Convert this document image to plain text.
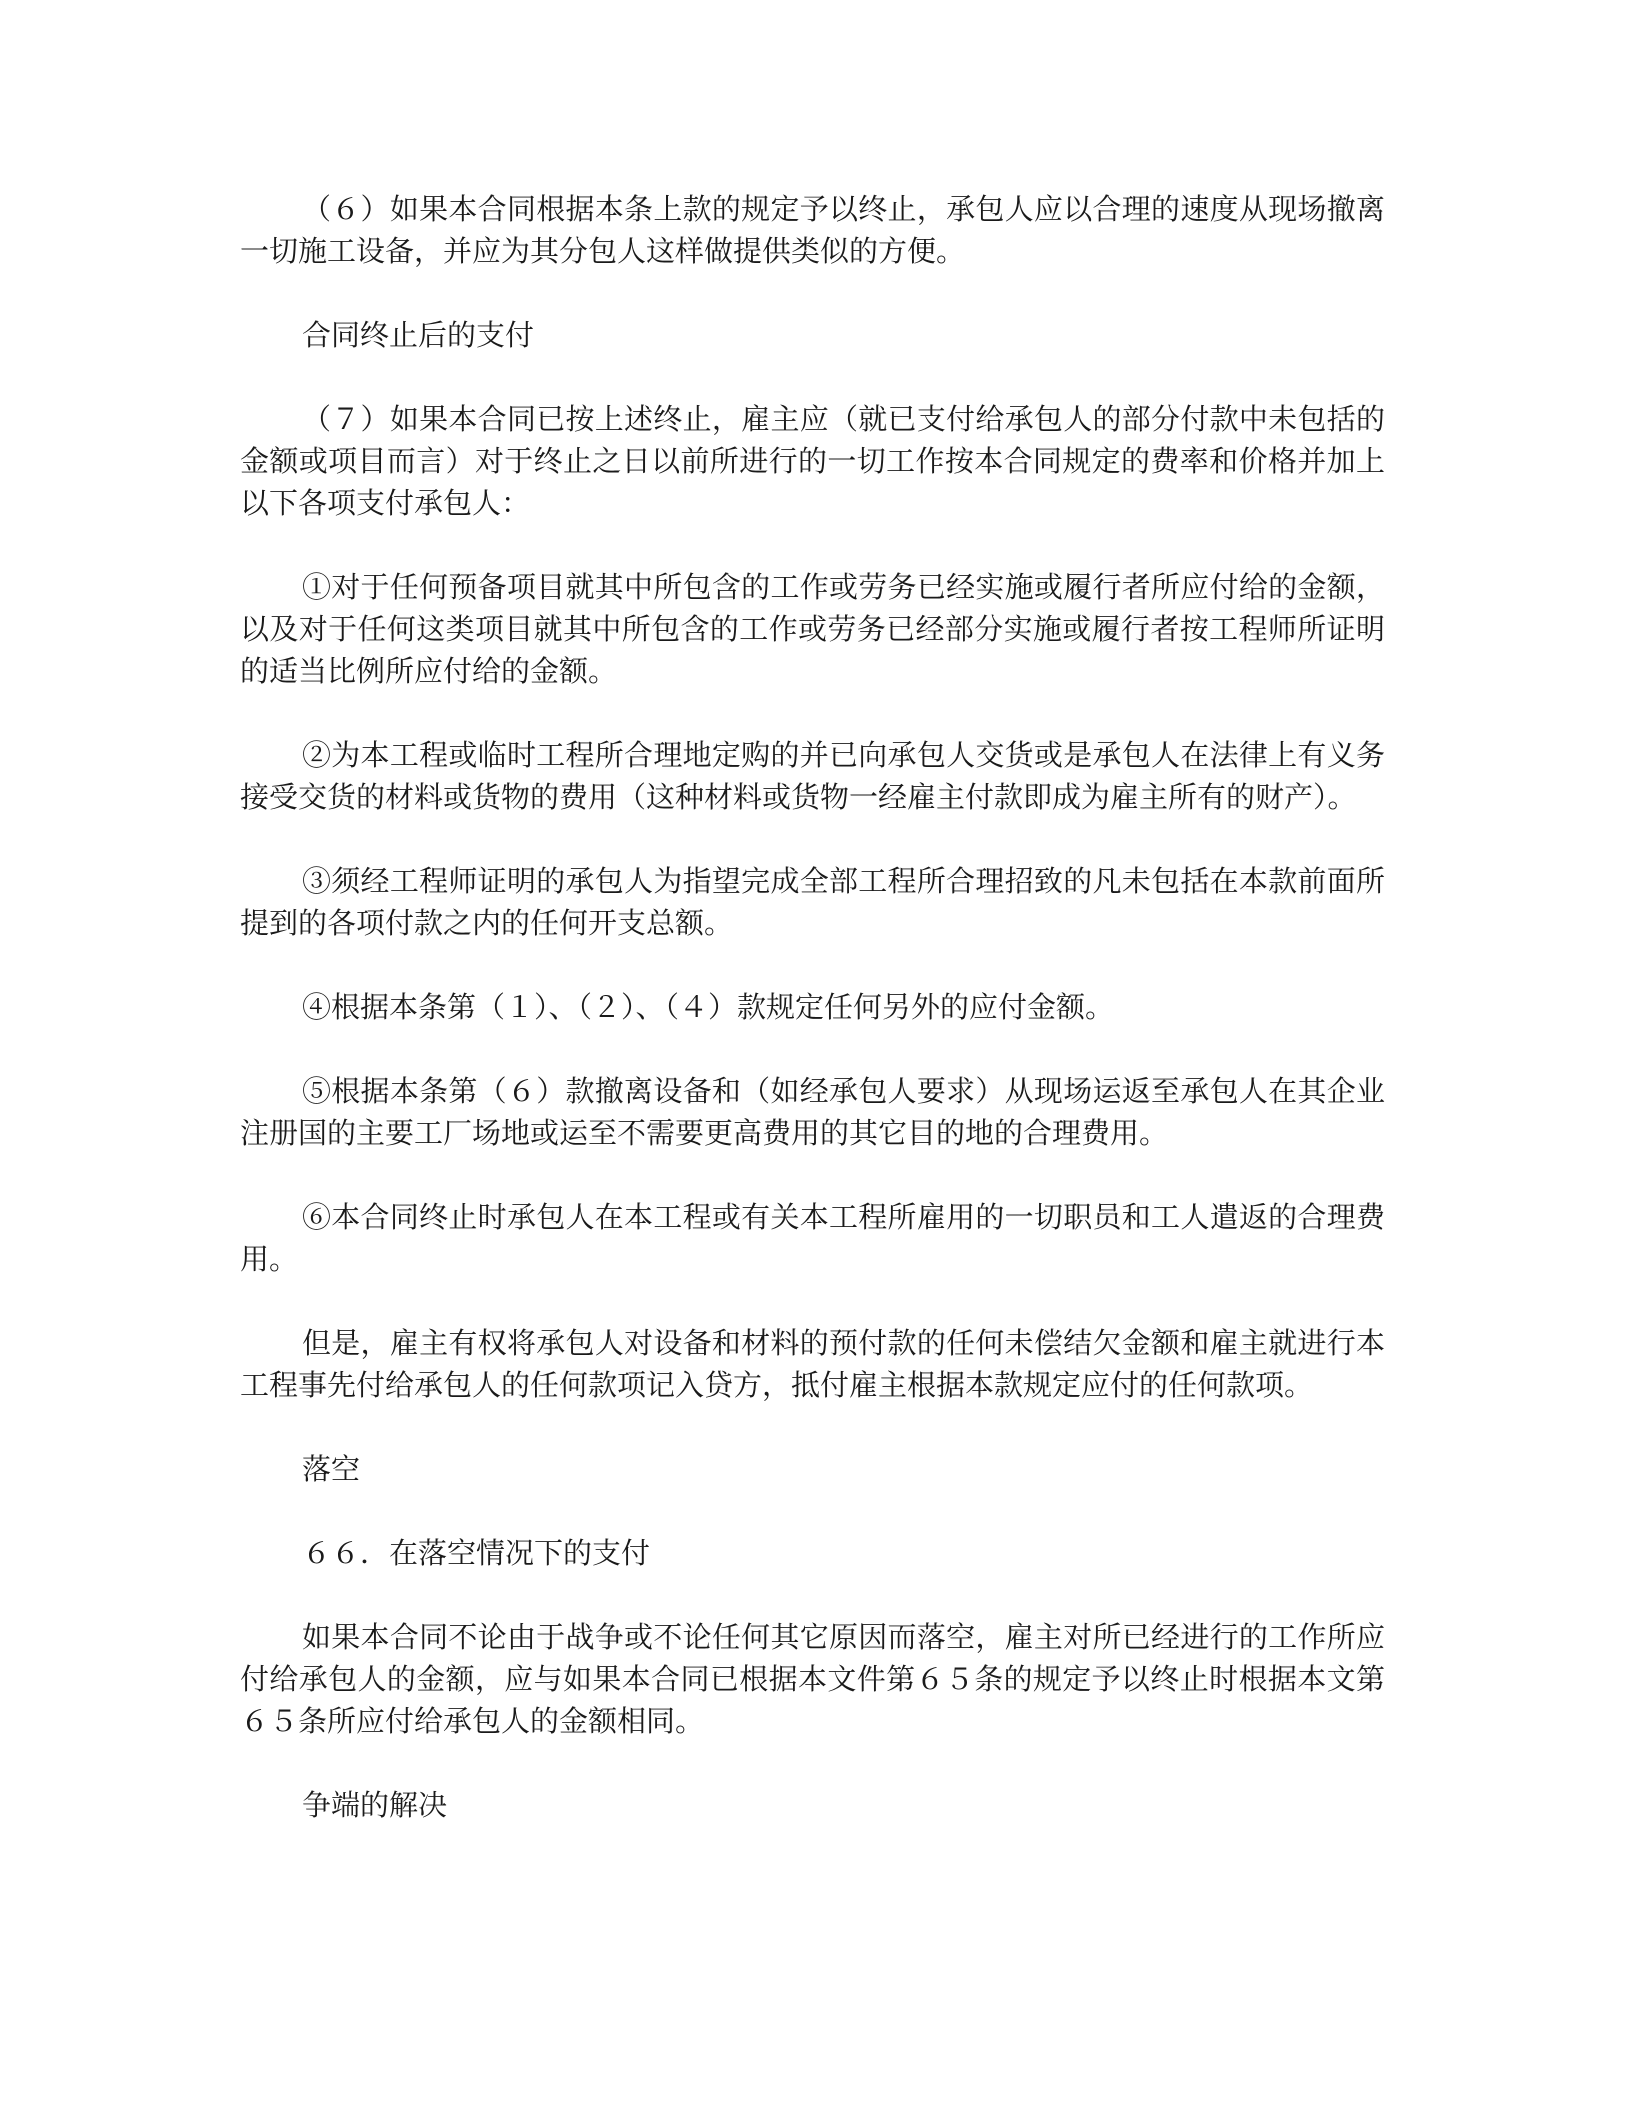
（６）如果本合同根据本条上款的规定予以终止，承包人应以合理的速度从现场撤离一切施工设备，并应为其分包人这样做提供类似的方便。

合同终止后的支付

（７）如果本合同已按上述终止，雇主应（就已支付给承包人的部分付款中未包括的金额或项目而言）对于终止之日以前所进行的一切工作按本合同规定的费率和价格并加上以下各项支付承包人：

①对于任何预备项目就其中所包含的工作或劳务已经实施或履行者所应付给的金额，以及对于任何这类项目就其中所包含的工作或劳务已经部分实施或履行者按工程师所证明的适当比例所应付给的金额。

②为本工程或临时工程所合理地定购的并已向承包人交货或是承包人在法律上有义务接受交货的材料或货物的费用（这种材料或货物一经雇主付款即成为雇主所有的财产）。

③须经工程师证明的承包人为指望完成全部工程所合理招致的凡未包括在本款前面所提到的各项付款之内的任何开支总额。

④根据本条第（１）、（２）、（４）款规定任何另外的应付金额。

⑤根据本条第（６）款撤离设备和（如经承包人要求）从现场运返至承包人在其企业注册国的主要工厂场地或运至不需要更高费用的其它目的地的合理费用。

⑥本合同终止时承包人在本工程或有关本工程所雇用的一切职员和工人遣返的合理费用。

但是，雇主有权将承包人对设备和材料的预付款的任何未偿结欠金额和雇主就进行本工程事先付给承包人的任何款项记入贷方，抵付雇主根据本款规定应付的任何款项。

落空

６６．在落空情况下的支付

如果本合同不论由于战争或不论任何其它原因而落空，雇主对所已经进行的工作所应付给承包人的金额，应与如果本合同已根据本文件第６５条的规定予以终止时根据本文第６５条所应付给承包人的金额相同。

争端的解决
